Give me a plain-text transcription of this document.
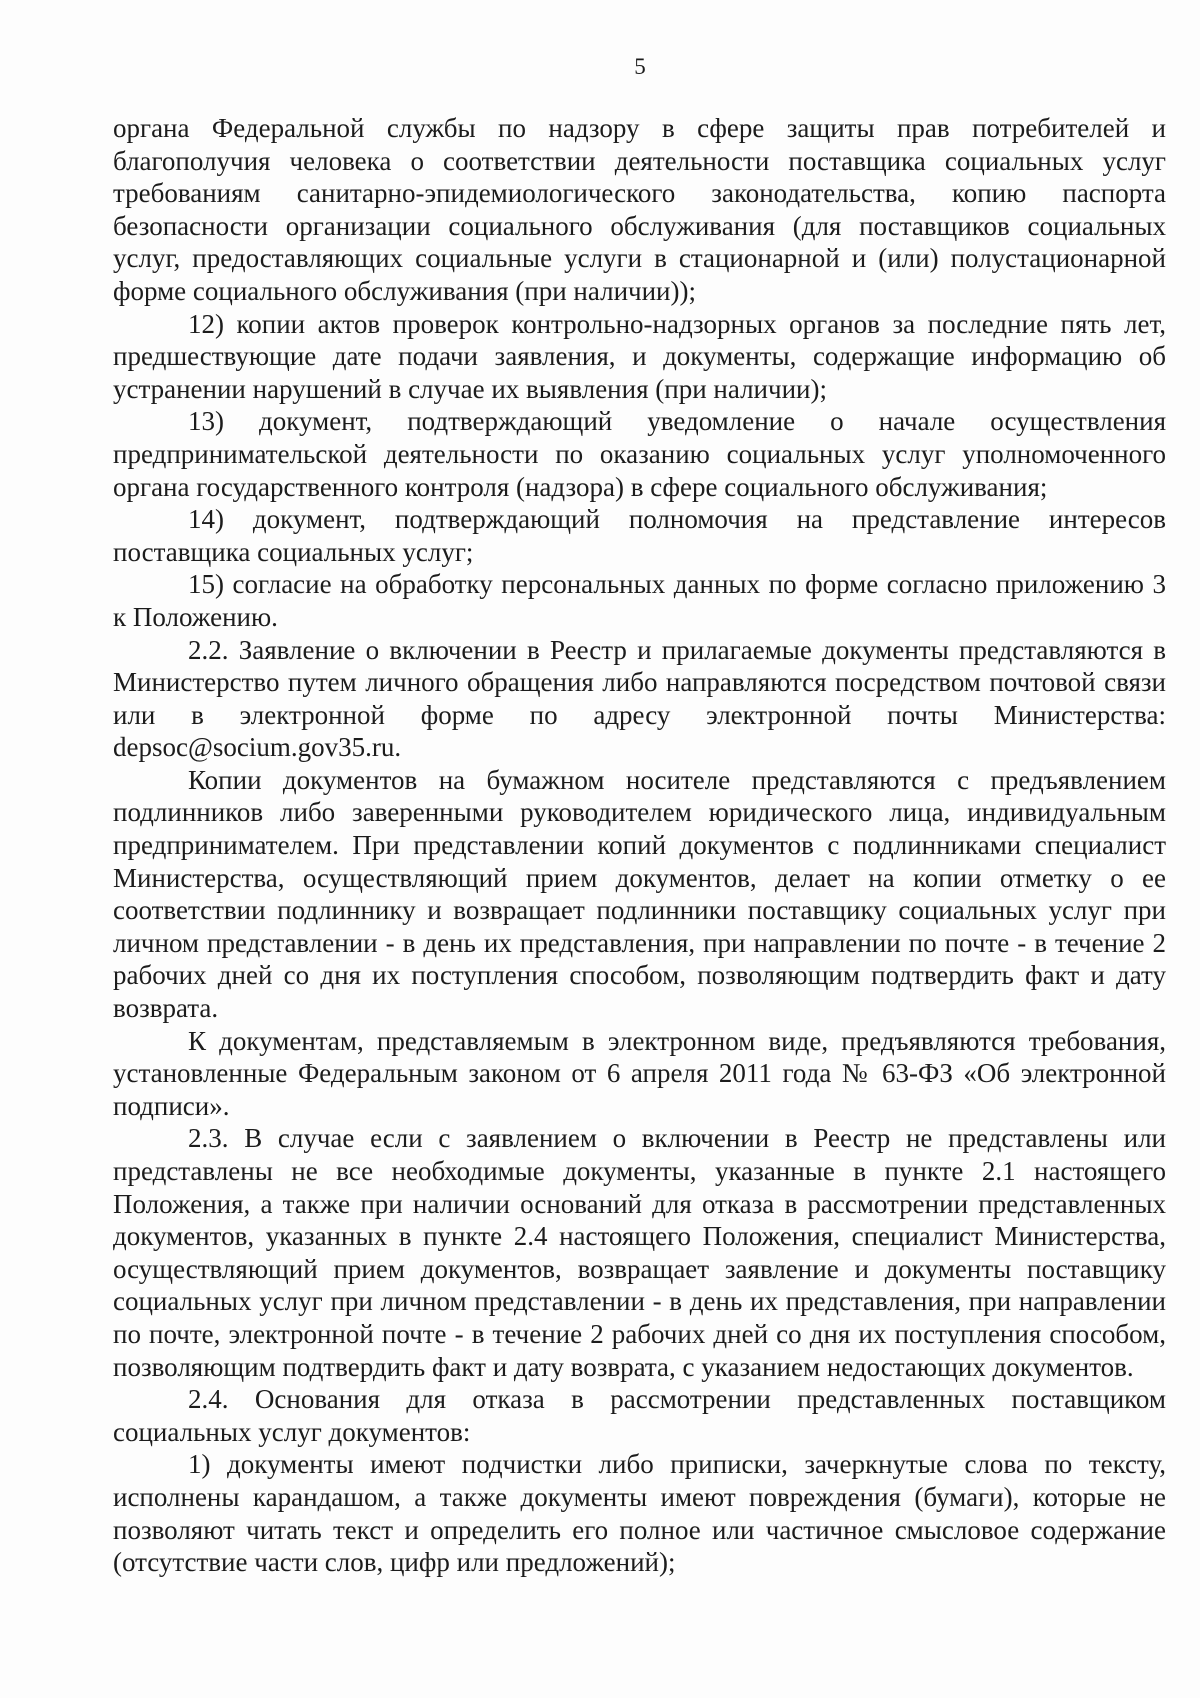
5

органа Федеральной службы по надзору в сфере защиты прав потребителей и благополучия человека о соответствии деятельности поставщика социальных услуг требованиям санитарно-эпидемиологического законодательства, копию паспорта безопасности организации социального обслуживания (для поставщиков социальных услуг, предоставляющих социальные услуги в стационарной и (или) полустационарной форме социального обслуживания (при наличии));

12) копии актов проверок контрольно-надзорных органов за последние пять лет, предшествующие дате подачи заявления, и документы, содержащие информацию об устранении нарушений в случае их выявления (при наличии);

13) документ, подтверждающий уведомление о начале осуществления предпринимательской деятельности по оказанию социальных услуг уполномоченного органа государственного контроля (надзора) в сфере социального обслуживания;

14) документ, подтверждающий полномочия на представление интересов поставщика социальных услуг;

15) согласие на обработку персональных данных по форме согласно приложению 3 к Положению.

2.2. Заявление о включении в Реестр и прилагаемые документы представляются в Министерство путем личного обращения либо направляются посредством почтовой связи или в электронной форме по адресу электронной почты Министерства: depsoc@socium.gov35.ru.

Копии документов на бумажном носителе представляются с предъявлением подлинников либо заверенными руководителем юридического лица, индивидуальным предпринимателем. При представлении копий документов с подлинниками специалист Министерства, осуществляющий прием документов, делает на копии отметку о ее соответствии подлиннику и возвращает подлинники поставщику социальных услуг при личном представлении - в день их представления, при направлении по почте - в течение 2 рабочих дней со дня их поступления способом, позволяющим подтвердить факт и дату возврата.

К документам, представляемым в электронном виде, предъявляются требования, установленные Федеральным законом от 6 апреля 2011 года № 63-ФЗ «Об электронной подписи».

2.3. В случае если с заявлением о включении в Реестр не представлены или представлены не все необходимые документы, указанные в пункте 2.1 настоящего Положения, а также при наличии оснований для отказа в рассмотрении представленных документов, указанных в пункте 2.4 настоящего Положения, специалист Министерства, осуществляющий прием документов, возвращает заявление и документы поставщику социальных услуг при личном представлении - в день их представления, при направлении по почте, электронной почте - в течение 2 рабочих дней со дня их поступления способом, позволяющим подтвердить факт и дату возврата, с указанием недостающих документов.

2.4. Основания для отказа в рассмотрении представленных поставщиком социальных услуг документов:

1) документы имеют подчистки либо приписки, зачеркнутые слова по тексту, исполнены карандашом, а также документы имеют повреждения (бумаги), которые не позволяют читать текст и определить его полное или частичное смысловое содержание (отсутствие части слов, цифр или предложений);
